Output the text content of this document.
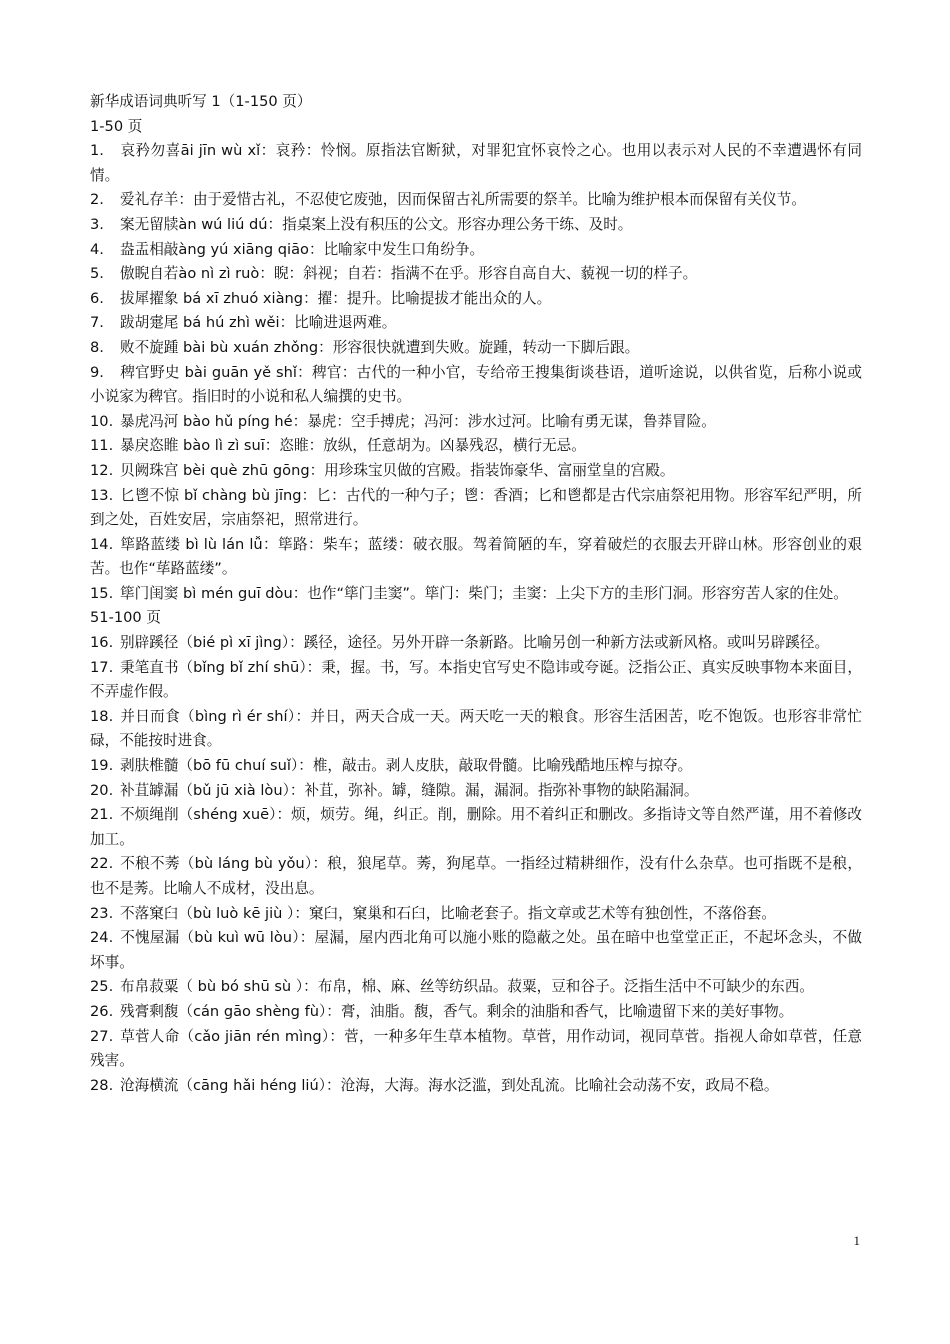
新华成语词典听写 1（1-150 页）

1-50 页

1. 哀矜勿喜āi jīn wù xǐ：哀矜：怜悯。原指法官断狱，对罪犯宜怀哀怜之心。也用以表示对人民的不幸遭遇怀有同情。

2. 爱礼存羊：由于爱惜古礼，不忍使它废弛，因而保留古礼所需要的祭羊。比喻为维护根本而保留有关仪节。

3. 案无留牍àn wú liú dú：指桌案上没有积压的公文。形容办理公务干练、及时。

4. 盎盂相敲àng yú xiāng qiāo：比喻家中发生口角纷争。

5. 傲睨自若ào nì zì ruò：睨：斜视；自若：指满不在乎。形容自高自大、藐视一切的样子。

6. 拔犀擢象 bá xī zhuó xiàng：擢：提升。比喻提拔才能出众的人。

7. 跋胡疐尾 bá hú zhì wěi：比喻进退两难。

8. 败不旋踵 bài bù xuán zhǒng：形容很快就遭到失败。旋踵，转动一下脚后跟。

9. 稗官野史 bài guān yě shǐ：稗官：古代的一种小官，专给帝王搜集街谈巷语，道听途说，以供省览，后称小说或小说家为稗官。指旧时的小说和私人编撰的史书。

10. 暴虎冯河 bào hǔ píng hé：暴虎：空手搏虎；冯河：涉水过河。比喻有勇无谋，鲁莽冒险。

11. 暴戾恣睢 bào lì zì suī：恣睢：放纵，任意胡为。凶暴残忍，横行无忌。

12. 贝阙珠宫 bèi què zhū gōng：用珍珠宝贝做的宫殿。指装饰豪华、富丽堂皇的宫殿。

13. 匕鬯不惊 bǐ chàng bù jīng：匕：古代的一种勺子；鬯：香酒；匕和鬯都是古代宗庙祭祀用物。形容军纪严明，所到之处，百姓安居，宗庙祭祀，照常进行。

14. 筚路蓝缕 bì lù lán lǚ：筚路：柴车；蓝缕：破衣服。驾着简陋的车，穿着破烂的衣服去开辟山林。形容创业的艰苦。也作“荜路蓝缕”。

15. 筚门闺窦 bì mén guī dòu：也作“筚门圭窦”。筚门：柴门；圭窦：上尖下方的圭形门洞。形容穷苦人家的住处。

51-100 页

16. 别辟蹊径（bié pì xī jìng）：蹊径，途径。另外开辟一条新路。比喻另创一种新方法或新风格。或叫另辟蹊径。

17. 秉笔直书（bǐng bǐ zhí shū）：秉，握。书，写。本指史官写史不隐讳或夸诞。泛指公正、真实反映事物本来面目，不弄虚作假。

18. 并日而食（bìng rì ér shí）：并日，两天合成一天。两天吃一天的粮食。形容生活困苦，吃不饱饭。也形容非常忙碌，不能按时进食。

19. 剥肤椎髓（bō fū chuí suǐ）：椎，敲击。剥人皮肤，敲取骨髓。比喻残酷地压榨与掠夺。

20. 补苴罅漏（bǔ jū xià lòu）：补苴，弥补。罅，缝隙。漏，漏洞。指弥补事物的缺陷漏洞。

21. 不烦绳削（shéng xuē）：烦，烦劳。绳，纠正。削，删除。用不着纠正和删改。多指诗文等自然严谨，用不着修改加工。

22. 不稂不莠（bù láng bù yǒu）：稂，狼尾草。莠，狗尾草。一指经过精耕细作，没有什么杂草。也可指既不是稂，也不是莠。比喻人不成材，没出息。

23. 不落窠臼（bù luò kē jiù ）：窠臼，窠巢和石臼，比喻老套子。指文章或艺术等有独创性，不落俗套。

24. 不愧屋漏（bù kuì wū lòu）：屋漏，屋内西北角可以施小账的隐蔽之处。虽在暗中也堂堂正正，不起坏念头，不做坏事。

25. 布帛菽粟（ bù bó shū sù ）：布帛，棉、麻、丝等纺织品。菽粟，豆和谷子。泛指生活中不可缺少的东西。

26. 残膏剩馥（cán gāo shèng fù）：膏，油脂。馥，香气。剩余的油脂和香气，比喻遗留下来的美好事物。

27. 草菅人命（cǎo jiān rén mìng）：菅，一种多年生草本植物。草菅，用作动词，视同草菅。指视人命如草菅，任意残害。

28. 沧海横流（cāng hǎi héng liú）：沧海，大海。海水泛滥，到处乱流。比喻社会动荡不安，政局不稳。

1
